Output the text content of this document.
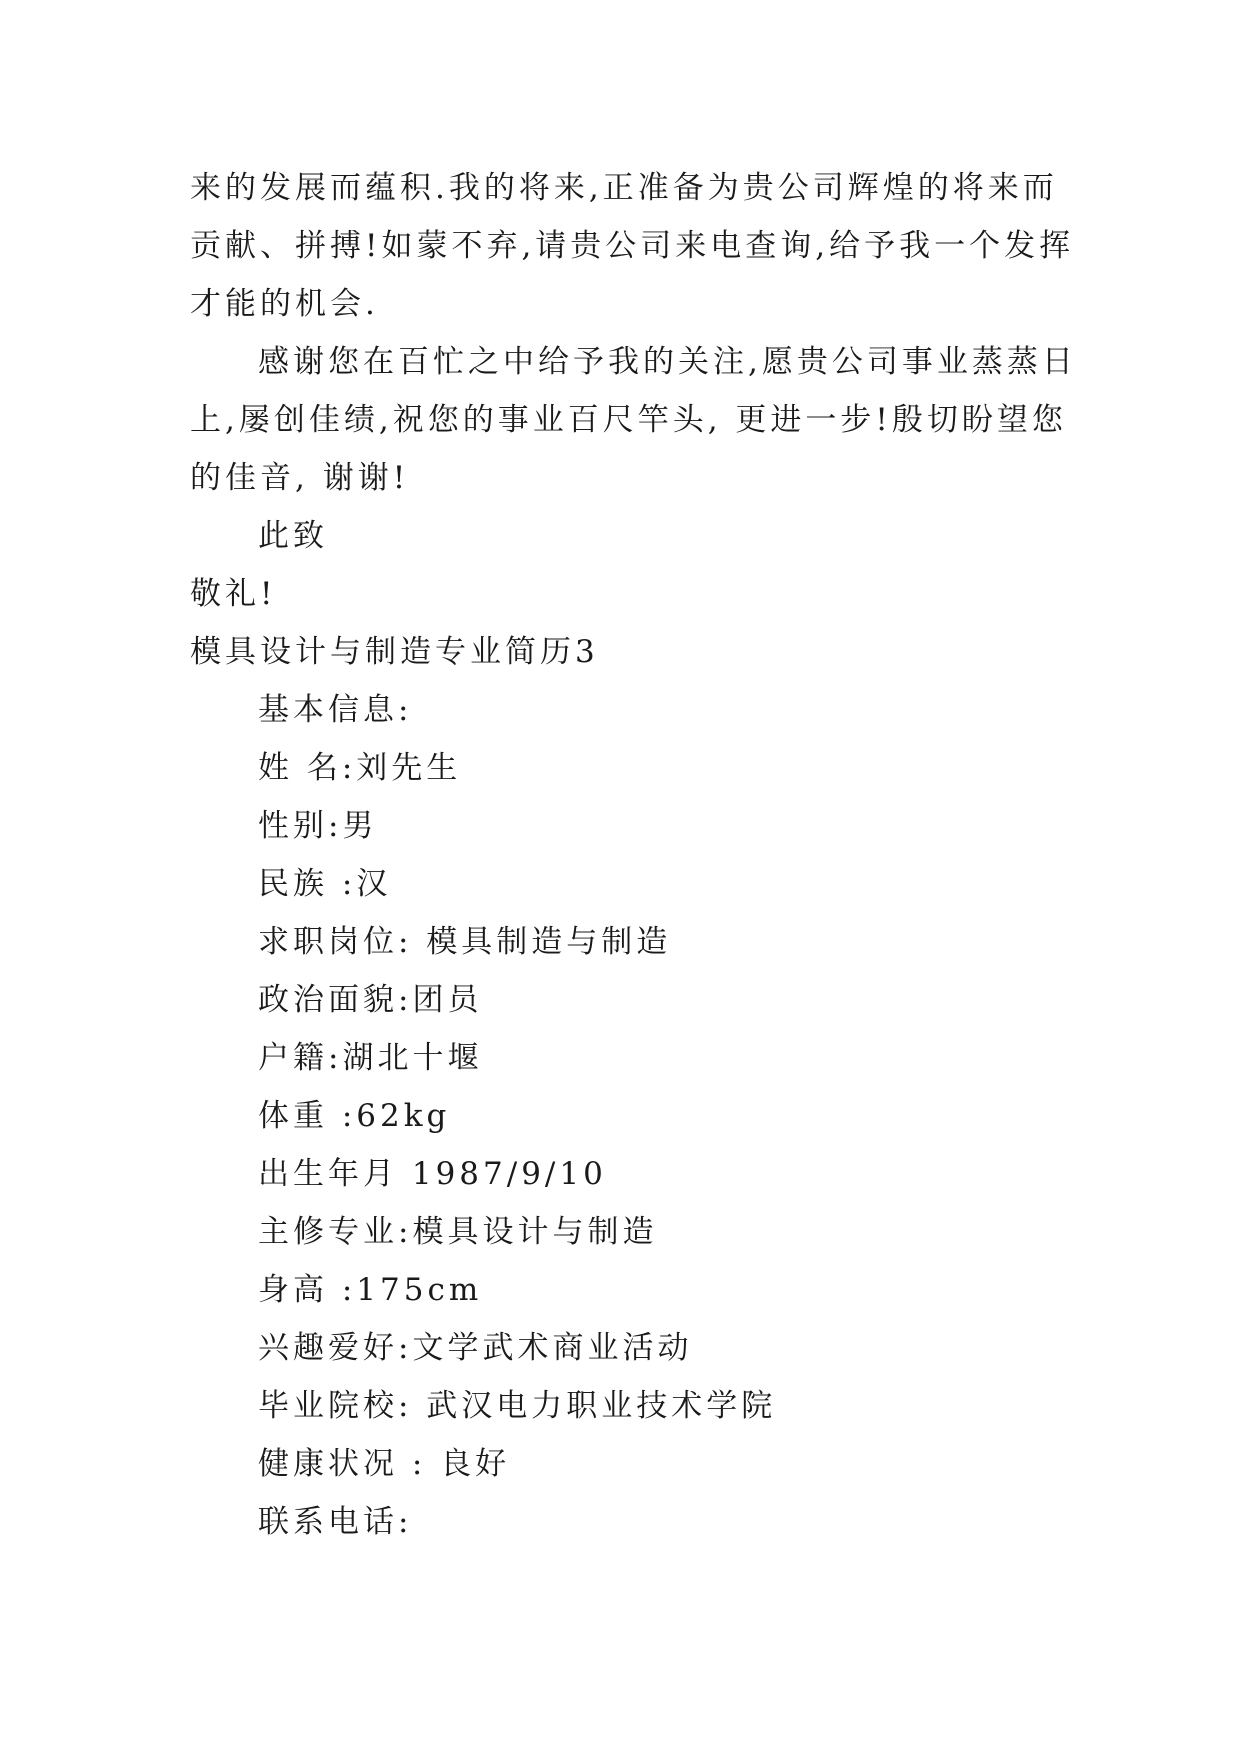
来的发展而蕴积.我的将来,正准备为贵公司辉煌的将来而
贡献、拼搏!如蒙不弃,请贵公司来电查询,给予我一个发挥
才能的机会.
感谢您在百忙之中给予我的关注,愿贵公司事业蒸蒸日
上,屡创佳绩,祝您的事业百尺竿头, 更进一步!殷切盼望您
的佳音, 谢谢!
此致
敬礼!
模具设计与制造专业简历3
基本信息:
姓 名:刘先生
性别:男
民族 :汉
求职岗位: 模具制造与制造
政治面貌:团员
户籍:湖北十堰
体重 :62kg
出生年月 1987/9/10
主修专业:模具设计与制造
身高 :175cm
兴趣爱好:文学武术商业活动
毕业院校: 武汉电力职业技术学院
健康状况 : 良好
联系电话:
